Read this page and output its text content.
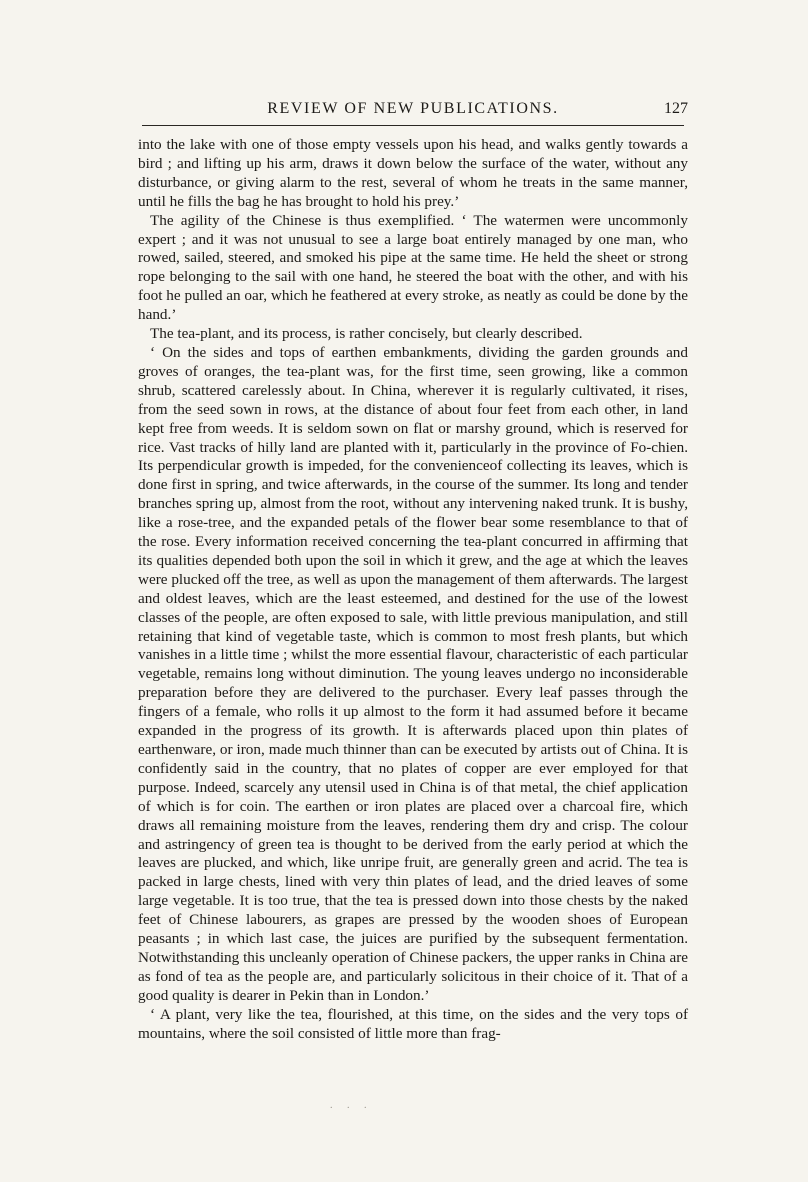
REVIEW OF NEW PUBLICATIONS.	127

into the lake with one of those empty vessels upon his head, and walks gently towards a bird ; and lifting up his arm, draws it down below the surface of the water, without any disturbance, or giving alarm to the rest, several of whom he treats in the same manner, until he fills the bag he has brought to hold his prey.’

The agility of the Chinese is thus exemplified. ‘ The watermen were uncommonly expert ; and it was not unusual to see a large boat entirely managed by one man, who rowed, sailed, steered, and smoked his pipe at the same time. He held the sheet or strong rope belonging to the sail with one hand, he steered the boat with the other, and with his foot he pulled an oar, which he feathered at every stroke, as neatly as could be done by the hand.’

The tea-plant, and its process, is rather concisely, but clearly described.

‘ On the sides and tops of earthen embankments, dividing the garden grounds and groves of oranges, the tea-plant was, for the first time, seen growing, like a common shrub, scattered carelessly about. In China, wherever it is regularly cultivated, it rises, from the seed sown in rows, at the distance of about four feet from each other, in land kept free from weeds. It is seldom sown on flat or marshy ground, which is reserved for rice. Vast tracks of hilly land are planted with it, particularly in the province of Fo-chien. Its perpendicular growth is impeded, for the convenienceof collecting its leaves, which is done first in spring, and twice afterwards, in the course of the summer. Its long and tender branches spring up, almost from the root, without any intervening naked trunk. It is bushy, like a rose-tree, and the expanded petals of the flower bear some resemblance to that of the rose. Every information received concerning the tea-plant concurred in affirming that its qualities depended both upon the soil in which it grew, and the age at which the leaves were plucked off the tree, as well as upon the management of them afterwards. The largest and oldest leaves, which are the least esteemed, and destined for the use of the lowest classes of the people, are often exposed to sale, with little previous manipulation, and still retaining that kind of vegetable taste, which is common to most fresh plants, but which vanishes in a little time ; whilst the more essential flavour, characteristic of each particular vegetable, remains long without diminution. The young leaves undergo no inconsiderable preparation before they are delivered to the purchaser. Every leaf passes through the fingers of a female, who rolls it up almost to the form it had assumed before it became expanded in the progress of its growth. It is afterwards placed upon thin plates of earthenware, or iron, made much thinner than can be executed by artists out of China. It is confidently said in the country, that no plates of copper are ever employed for that purpose. Indeed, scarcely any utensil used in China is of that metal, the chief application of which is for coin. The earthen or iron plates are placed over a charcoal fire, which draws all remaining moisture from the leaves, rendering them dry and crisp. The colour and astringency of green tea is thought to be derived from the early period at which the leaves are plucked, and which, like unripe fruit, are generally green and acrid. The tea is packed in large chests, lined with very thin plates of lead, and the dried leaves of some large vegetable. It is too true, that the tea is pressed down into those chests by the naked feet of Chinese labourers, as grapes are pressed by the wooden shoes of European peasants ; in which last case, the juices are purified by the subsequent fermentation. Notwithstanding this uncleanly operation of Chinese packers, the upper ranks in China are as fond of tea as the people are, and particularly solicitous in their choice of it. That of a good quality is dearer in Pekin than in London.’

‘ A plant, very like the tea, flourished, at this time, on the sides and the very tops of mountains, where the soil consisted of little more than frag-

. . .
